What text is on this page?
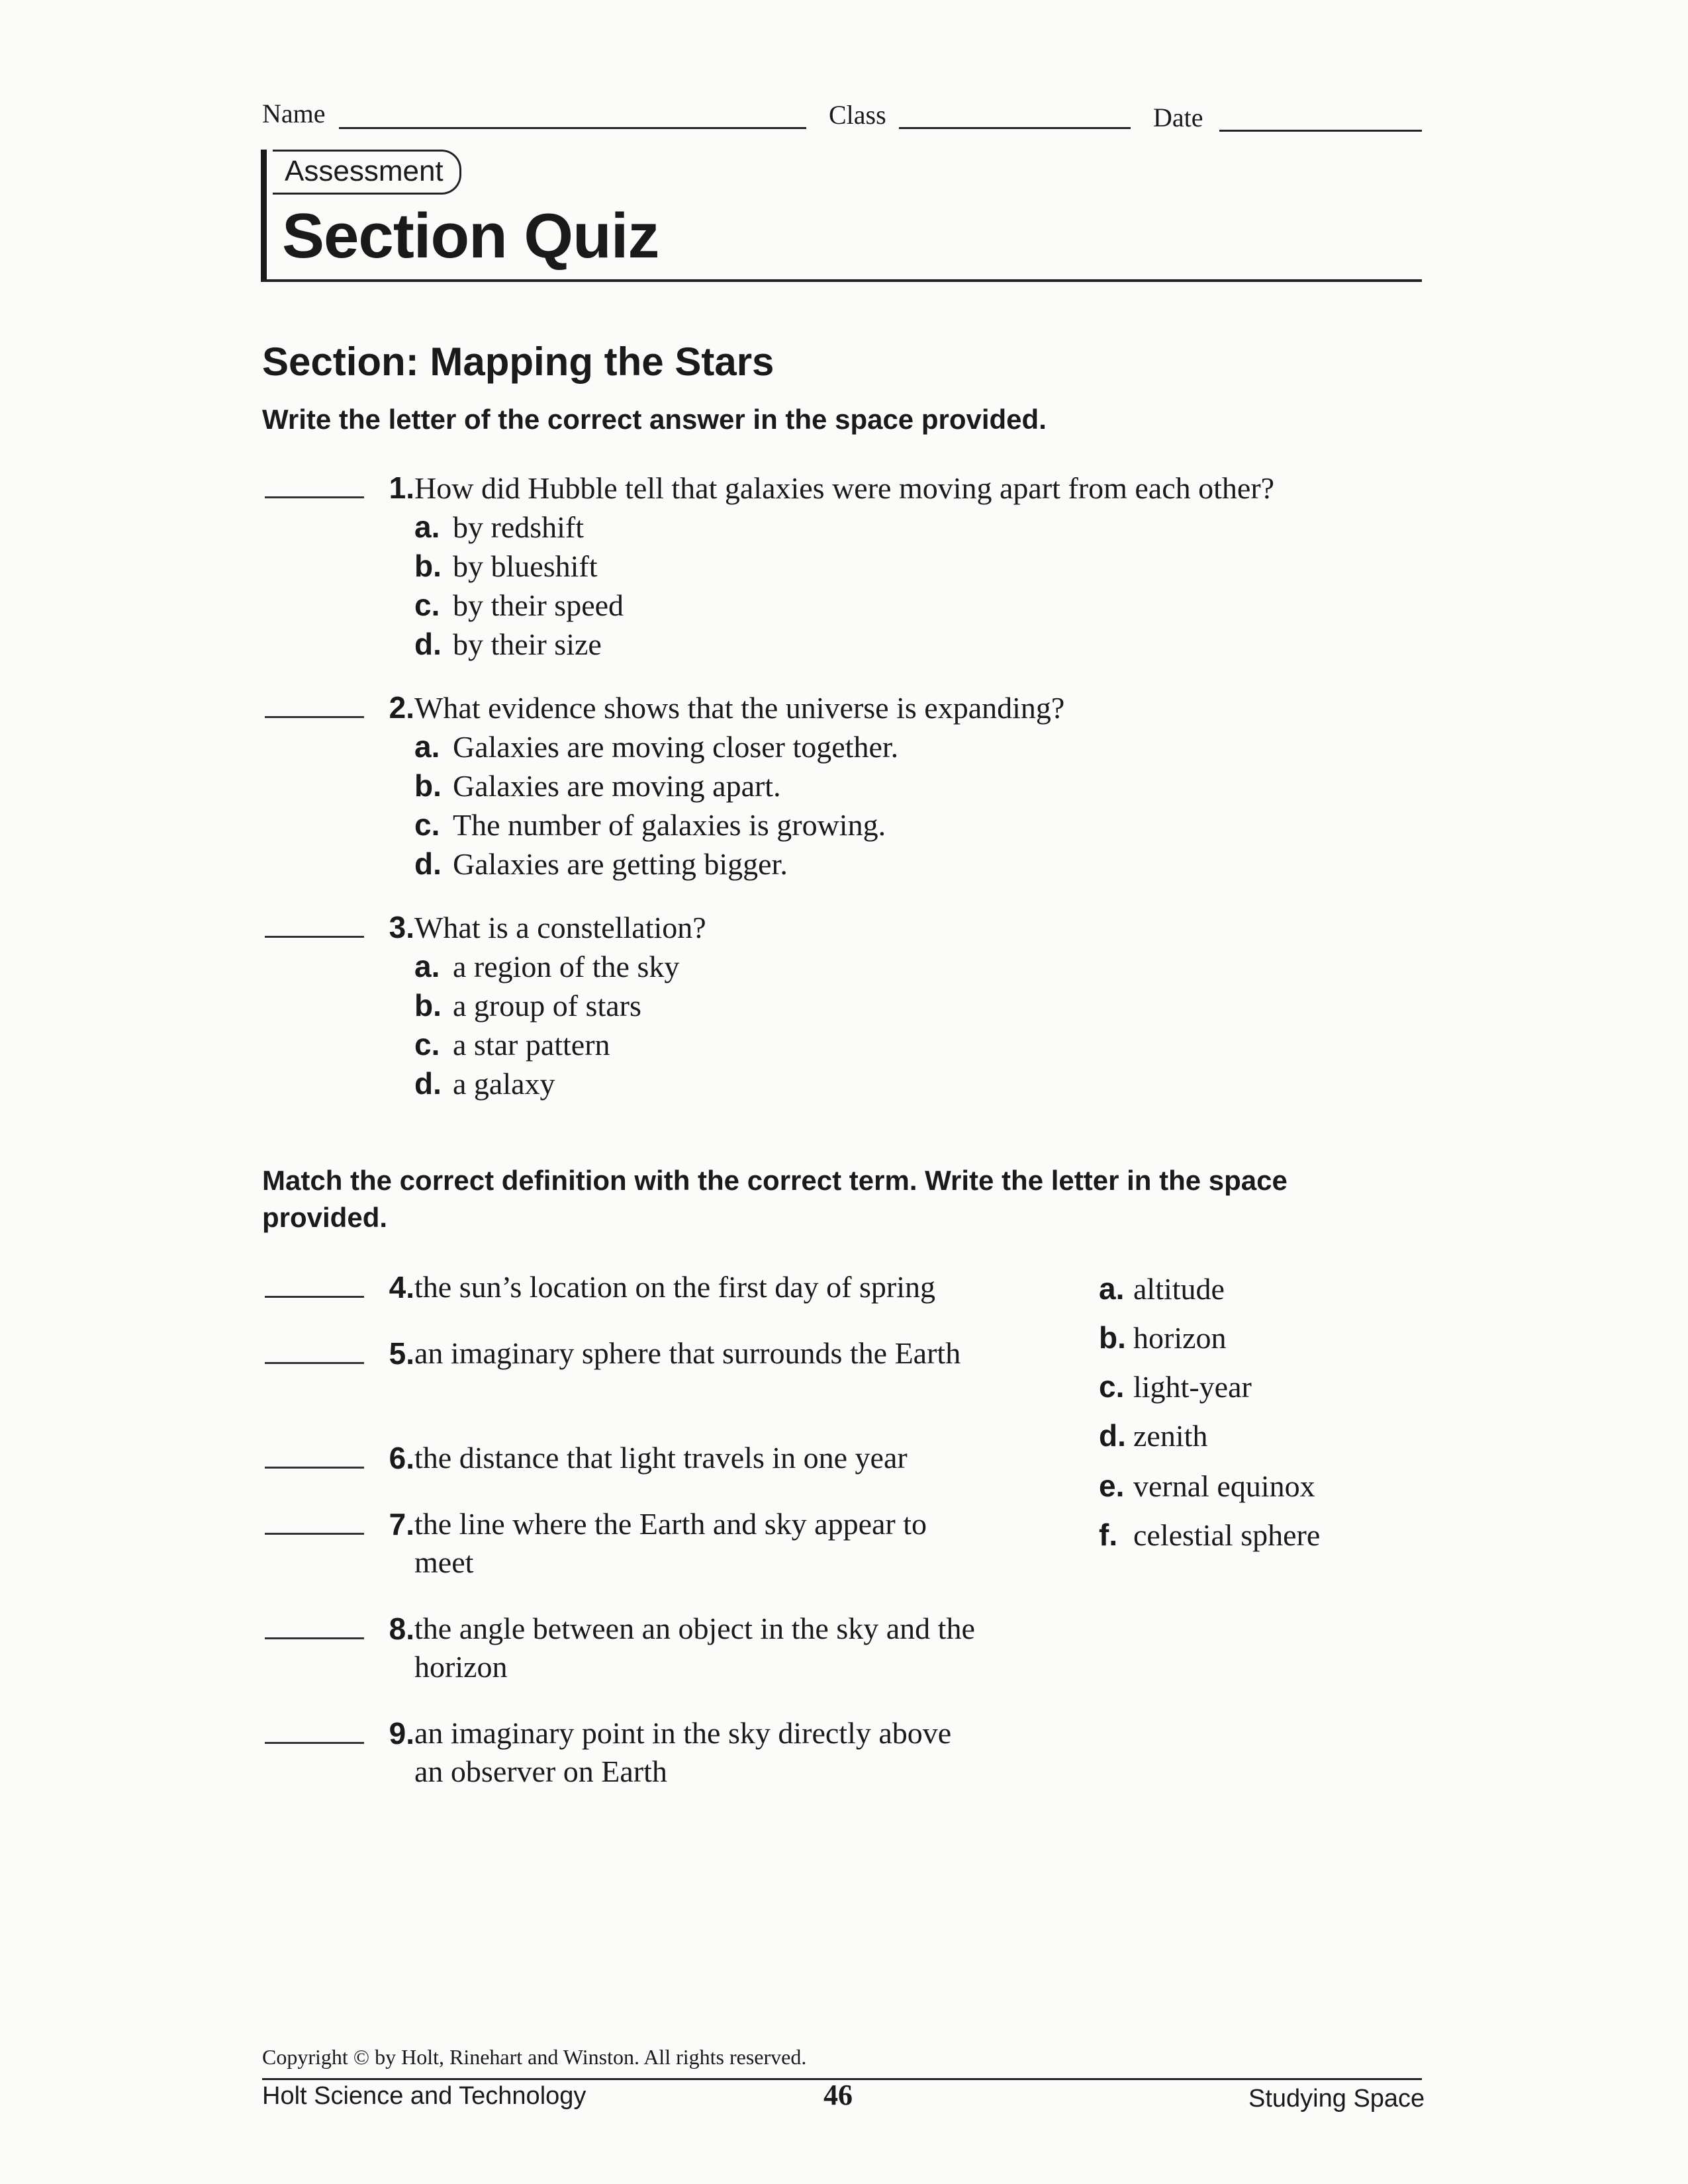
Name	Class	Date
Assessment
Section Quiz
Section: Mapping the Stars
Write the letter of the correct answer in the space provided.
1. How did Hubble tell that galaxies were moving apart from each other?
a. by redshift
b. by blueshift
c. by their speed
d. by their size
2. What evidence shows that the universe is expanding?
a. Galaxies are moving closer together.
b. Galaxies are moving apart.
c. The number of galaxies is growing.
d. Galaxies are getting bigger.
3. What is a constellation?
a. a region of the sky
b. a group of stars
c. a star pattern
d. a galaxy
Match the correct definition with the correct term. Write the letter in the space provided.
4. the sun’s location on the first day of spring
5. an imaginary sphere that surrounds the Earth
6. the distance that light travels in one year
7. the line where the Earth and sky appear to meet
8. the angle between an object in the sky and the horizon
9. an imaginary point in the sky directly above an observer on Earth
a. altitude
b. horizon
c. light-year
d. zenith
e. vernal equinox
f. celestial sphere
Copyright © by Holt, Rinehart and Winston. All rights reserved.
Holt Science and Technology	46	Studying Space
